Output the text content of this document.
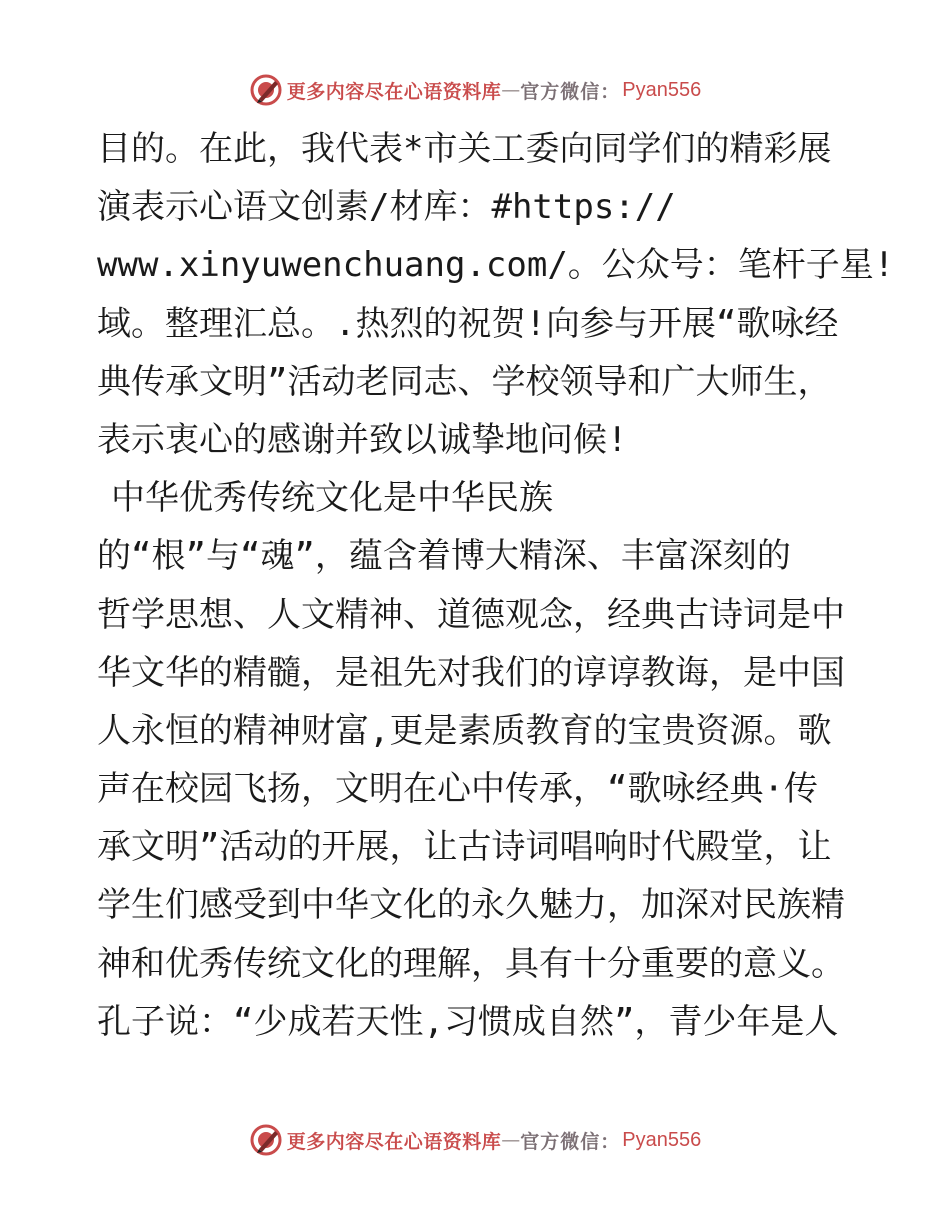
更多内容尽在心语资料库 — 官方微信： Pyan556
目的。在此，我代表*市关工委向同学们的精彩展
演表示心语文创素/材库：#https://
www.xinyuwenchuang.com/。公众号：笔杆子星!
域。整理汇总。.热烈的祝贺!向参与开展“歌咏经
典传承文明”活动老同志、学校领导和广大师生，
表示衷心的感谢并致以诚挚地问候!
中华优秀传统文化是中华民族
的“根”与“魂”，蕴含着博大精深、丰富深刻的
哲学思想、人文精神、道德观念，经典古诗词是中
华文华的精髓，是祖先对我们的谆谆教诲，是中国
人永恒的精神财富,更是素质教育的宝贵资源。歌
声在校园飞扬，文明在心中传承，“歌咏经典·传
承文明”活动的开展，让古诗词唱响时代殿堂，让
学生们感受到中华文化的永久魅力，加深对民族精
神和优秀传统文化的理解，具有十分重要的意义。
孔子说：“少成若天性,习惯成自然”，青少年是人
更多内容尽在心语资料库 — 官方微信： Pyan556
